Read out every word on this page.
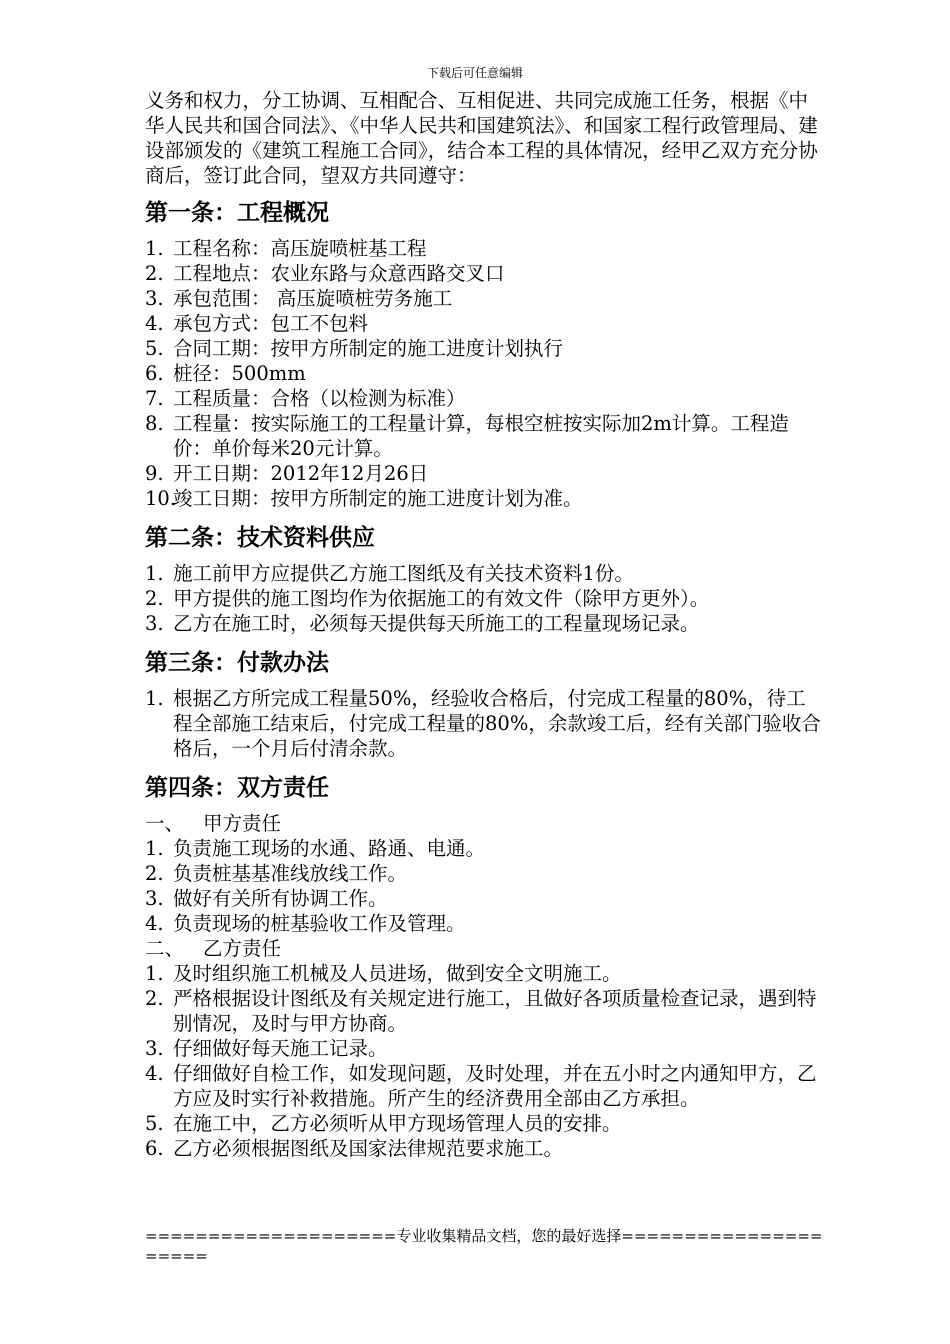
下载后可任意编辑

义务和权力，分工协调、互相配合、互相促进、共同完成施工任务，根据《中华人民共和国合同法》、《中华人民共和国建筑法》、和国家工程行政管理局、建设部颁发的《建筑工程施工合同》，结合本工程的具体情况，经甲乙双方充分协商后，签订此合同，望双方共同遵守：

第一条：工程概况
1. 工程名称：高压旋喷桩基工程
2. 工程地点：农业东路与众意西路交叉口
3. 承包范围： 高压旋喷桩劳务施工
4. 承包方式：包工不包料
5. 合同工期：按甲方所制定的施工进度计划执行
6. 桩径：500mm
7. 工程质量：合格（以检测为标准）
8. 工程量：按实际施工的工程量计算，每根空桩按实际加2m计算。工程造价：单价每米20元计算。
9. 开工日期：2012年12月26日
10.
竣工日期：按甲方所制定的施工进度计划为准。
第二条：技术资料供应
1. 施工前甲方应提供乙方施工图纸及有关技术资料1份。
2. 甲方提供的施工图均作为依据施工的有效文件（除甲方更外）。
3. 乙方在施工时，必须每天提供每天所施工的工程量现场记录。
第三条：付款办法
1. 根据乙方所完成工程量50%，经验收合格后，付完成工程量的80%，待工程全部施工结束后，付完成工程量的80%，余款竣工后，经有关部门验收合格后，一个月后付清余款。
第四条：双方责任
一、 甲方责任
1. 负责施工现场的水通、路通、电通。
2. 负责桩基基准线放线工作。
3. 做好有关所有协调工作。
4. 负责现场的桩基验收工作及管理。
二、 乙方责任
1. 及时组织施工机械及人员进场，做到安全文明施工。
2. 严格根据设计图纸及有关规定进行施工，且做好各项质量检查记录，遇到特别情况，及时与甲方协商。
3. 仔细做好每天施工记录。
4. 仔细做好自检工作，如发现问题，及时处理，并在五小时之内通知甲方，乙方应及时实行补救措施。所产生的经济费用全部由乙方承担。
5. 在施工中，乙方必须听从甲方现场管理人员的安排。
6. 乙方必须根据图纸及国家法律规范要求施工。
====================专业收集精品文档，您的最好选择=====================
